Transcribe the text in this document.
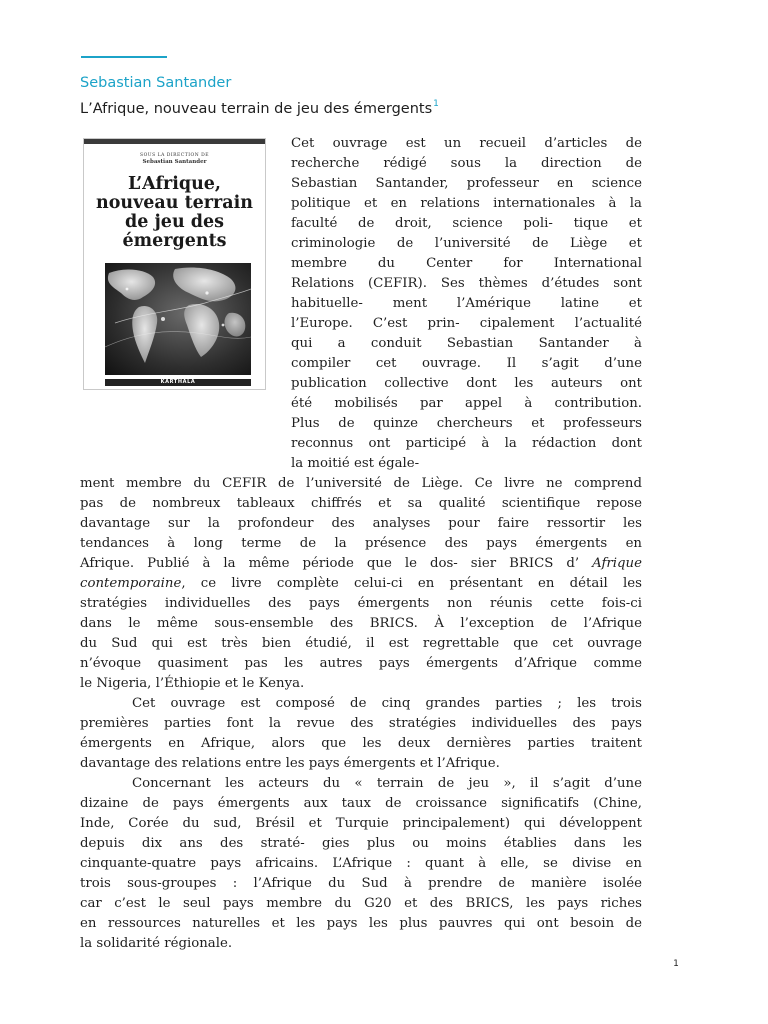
Sebastian Santander
L’Afrique, nouveau terrain de jeu des émergents$^1$
SOUS LA DIRECTION DE
Sebastian Santander
L’Afrique,
nouveau terrain
de jeu des émergents
KARTHALA
Cet ouvrage est un recueil d’articles de
recherche rédigé sous la direction de
Sebastian Santander, professeur en science
politique et en relations internationales à la
faculté de droit, science poli- tique et
criminologie de l’université de Liège et
membre du Center for International
Relations (CEFIR). Ses thèmes d’études sont
habituelle- ment l’Amérique latine et
l’Europe. C’est prin- cipalement l’actualité
qui a conduit Sebastian Santander à
compiler cet ouvrage. Il s’agit d’une
publication collective dont les auteurs ont
été mobilisés par appel à contribution.
Plus de quinze chercheurs et professeurs
reconnus ont participé à la rédaction dont
la moitié est égale-
ment membre du CEFIR de l’université de Liège. Ce livre ne comprend
pas de nombreux tableaux chiffrés et sa qualité scientifique repose
davantage sur la profondeur des analyses pour faire ressortir les
tendances à long terme de la présence des pays émergents en
Afrique. Publié à la même période que le dos- sier BRICS d’ Afrique
contemporaine, ce livre complète celui-ci en présentant en détail les
stratégies individuelles des pays émergents non réunis cette fois-ci
dans le même sous-ensemble des BRICS. À l’exception de l’Afrique
du Sud qui est très bien étudié, il est regrettable que cet ouvrage
n’évoque quasiment pas les autres pays émergents d’Afrique comme
le Nigeria, l’Éthiopie et le Kenya.
Cet ouvrage est composé de cinq grandes parties ; les trois
premières parties font la revue des stratégies individuelles des pays
émergents en Afrique, alors que les deux dernières parties traitent
davantage des relations entre les pays émergents et l’Afrique.
Concernant les acteurs du « terrain de jeu », il s’agit d’une
dizaine de pays émergents aux taux de croissance significatifs (Chine,
Inde, Corée du sud, Brésil et Turquie principalement) qui développent
depuis dix ans des straté- gies plus ou moins établies dans les
cinquante-quatre pays africains. L’Afrique : quant à elle, se divise en
trois sous-groupes : l’Afrique du Sud à prendre de manière isolée
car c’est le seul pays membre du G20 et des BRICS, les pays riches
en ressources naturelles et les pays les plus pauvres qui ont besoin de
la solidarité régionale.
1
